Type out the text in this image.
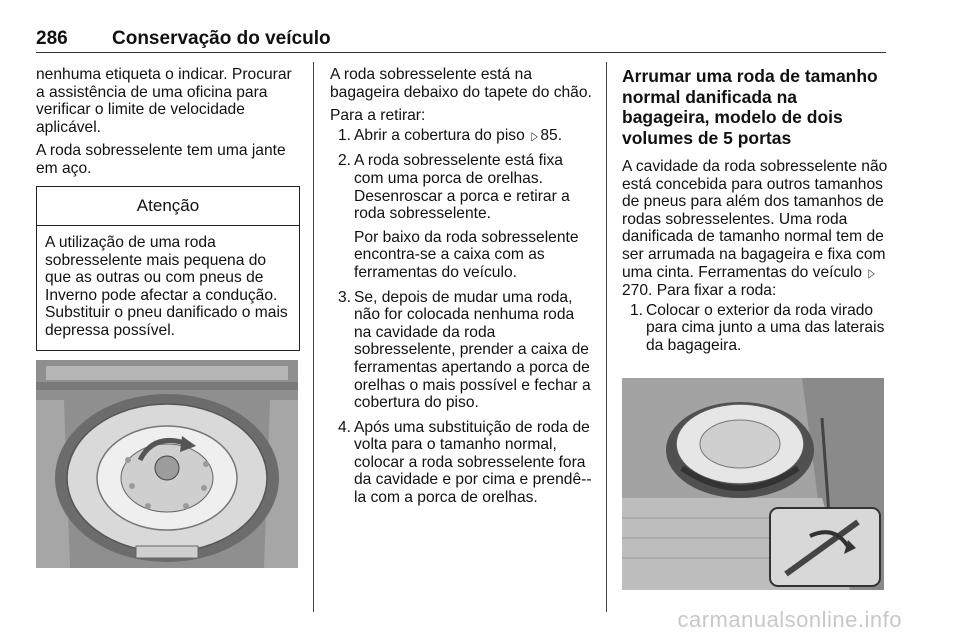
286 Conservação do veículo

nenhuma etiqueta o indicar. Procurar a assistência de uma oficina para verificar o limite de velocidade aplicável.

A roda sobresselente tem uma jante em aço.

Atenção
A utilização de uma roda sobresselente mais pequena do que as outras ou com pneus de Inverno pode afectar a condução. Substituir o pneu danificado o mais depressa possível.

A roda sobresselente está na bagageira debaixo do tapete do chão.

Para a retirar:

1. Abrir a cobertura do piso ▷ 85.
2. A roda sobresselente está fixa com uma porca de orelhas. Desenroscar a porca e retirar a roda sobresselente.
Por baixo da roda sobresselente encontra-se a caixa com as ferramentas do veículo.
3. Se, depois de mudar uma roda, não for colocada nenhuma roda na cavidade da roda sobresselente, prender a caixa de ferramentas apertando a porca de orelhas o mais possível e fechar a cobertura do piso.
4. Após uma substituição de roda de volta para o tamanho normal, colocar a roda sobresselente fora da cavidade e por cima e prendê--la com a porca de orelhas.
Arrumar uma roda de tamanho normal danificada na bagageira, modelo de dois volumes de 5 portas

A cavidade da roda sobresselente não está concebida para outros tamanhos de pneus para além dos tamanhos de rodas sobresselentes. Uma roda danificada de tamanho normal tem de ser arrumada na bagageira e fixa com uma cinta. Ferramentas do veículo ▷270. Para fixar a roda:

1. Colocar o exterior da roda virado para cima junto a uma das laterais da bagageira.
carmanualsonline.info
